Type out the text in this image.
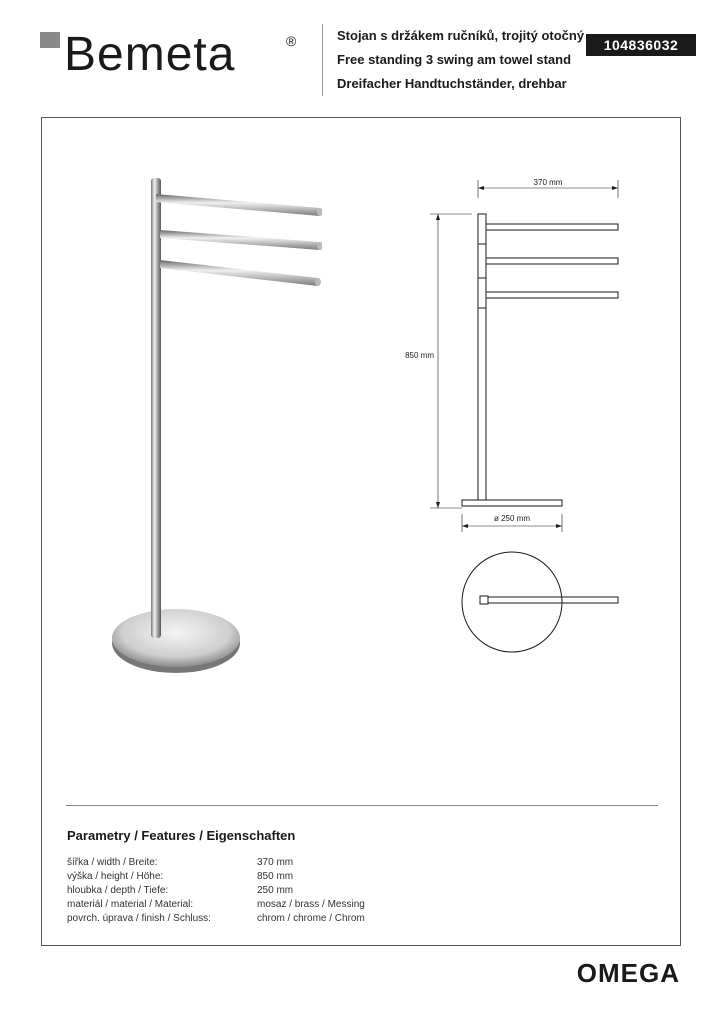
Bemeta	®	Stojan s držákem ručníků, trojitý otočný
Free standing 3 swing am towel stand
Dreifacher Handtuchständer, drehbar
104836032
370 mm
850 mm
ø 250 mm
Parametry / Features / Eigenschaften
šířka / width / Breite:	370 mm
výška / height / Höhe:	850 mm
hloubka / depth / Tiefe:	250 mm
materiál / material / Material:	mosaz / brass / Messing
povrch. úprava / finish / Schluss:	chrom / chrome / Chrom
OMEGA
